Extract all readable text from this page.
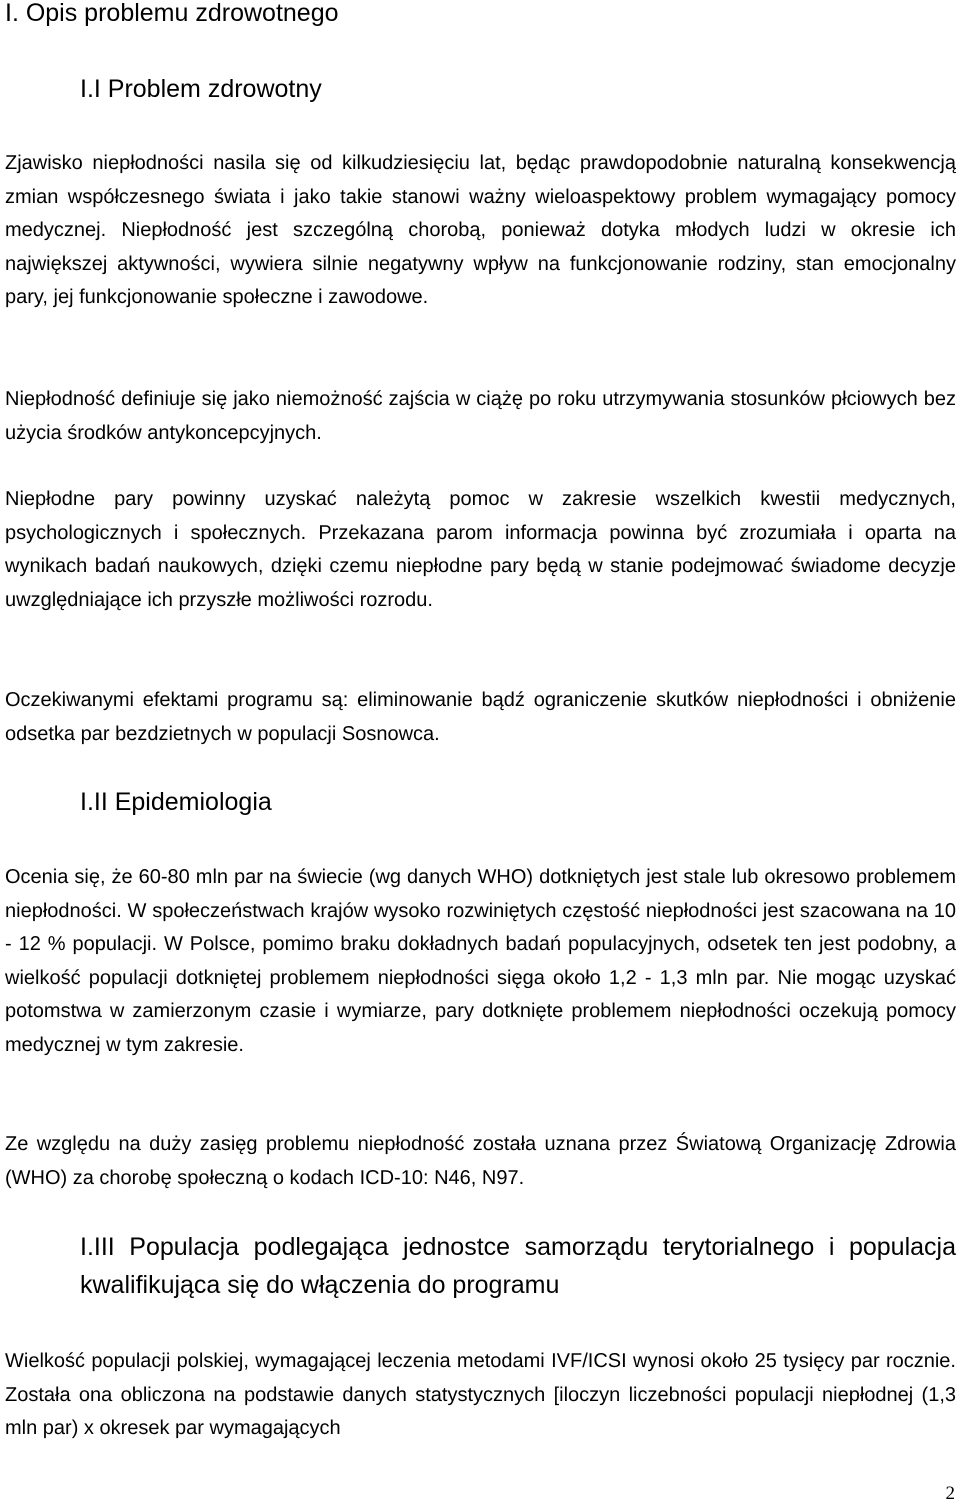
I. Opis problemu zdrowotnego
I.I Problem zdrowotny

Zjawisko niepłodności nasila się od kilkudziesięciu lat, będąc prawdopodobnie naturalną konsekwencją zmian współczesnego świata i jako takie stanowi ważny wieloaspektowy problem wymagający pomocy medycznej. Niepłodność jest szczególną chorobą, ponieważ dotyka młodych ludzi w okresie ich największej aktywności, wywiera silnie negatywny wpływ na funkcjonowanie rodziny, stan emocjonalny pary, jej funkcjonowanie społeczne i zawodowe.

Niepłodność definiuje się jako niemożność zajścia w ciążę po roku utrzymywania stosunków płciowych bez użycia środków antykoncepcyjnych.

Niepłodne pary powinny uzyskać należytą pomoc w zakresie wszelkich kwestii medycznych, psychologicznych i społecznych. Przekazana parom informacja powinna być zrozumiała i oparta na wynikach badań naukowych, dzięki czemu niepłodne pary będą w stanie podejmować świadome decyzje uwzględniające ich przyszłe możliwości rozrodu.

Oczekiwanymi efektami programu są: eliminowanie bądź ograniczenie skutków niepłodności i obniżenie odsetka par bezdzietnych w populacji Sosnowca.

I.II Epidemiologia

Ocenia się, że 60-80 mln par na świecie (wg danych WHO) dotkniętych jest stale lub okresowo problemem niepłodności. W społeczeństwach krajów wysoko rozwiniętych częstość niepłodności jest szacowana na 10 - 12 % populacji. W Polsce, pomimo braku dokładnych badań populacyjnych, odsetek ten jest podobny, a wielkość populacji dotkniętej problemem niepłodności sięga około 1,2 - 1,3 mln par. Nie mogąc uzyskać potomstwa w zamierzonym czasie i wymiarze, pary dotknięte problemem niepłodności oczekują pomocy medycznej w tym zakresie.

Ze względu na duży zasięg problemu niepłodność została uznana przez Światową Organizację Zdrowia (WHO) za chorobę społeczną o kodach ICD-10: N46, N97.

I.III Populacja podlegająca jednostce samorządu terytorialnego i populacja kwalifikująca się do włączenia do programu

Wielkość populacji polskiej, wymagającej leczenia metodami IVF/ICSI wynosi około 25 tysięcy par rocznie. Została ona obliczona na podstawie danych statystycznych [iloczyn liczebności populacji niepłodnej (1,3 mln par) x okresek par wymagających

2
